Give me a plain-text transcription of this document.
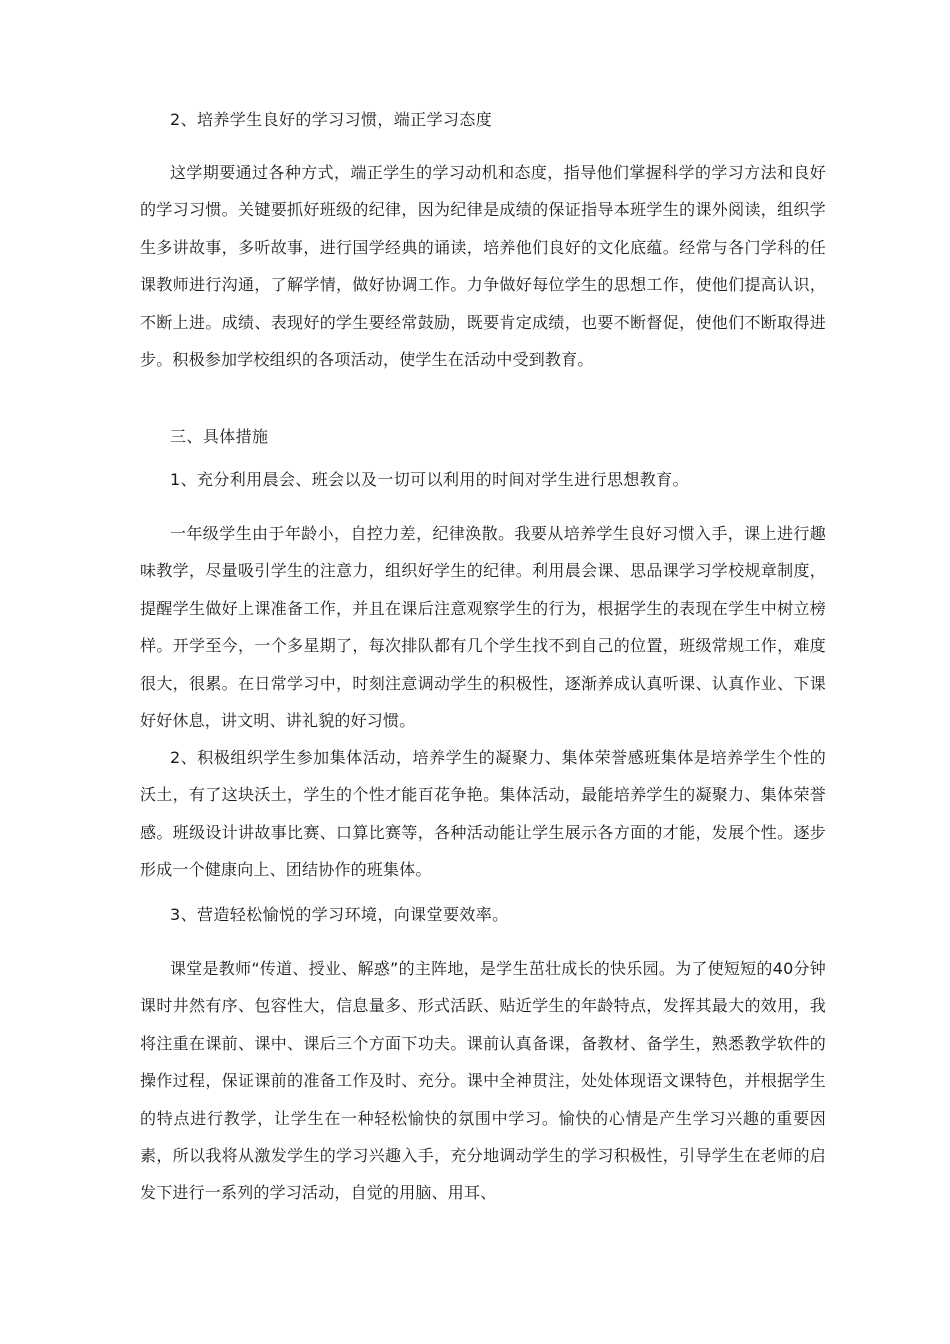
2、培养学生良好的学习习惯，端正学习态度
这学期要通过各种方式，端正学生的学习动机和态度，指导他们掌握科学的学习方法和良好的学习习惯。关键要抓好班级的纪律，因为纪律是成绩的保证指导本班学生的课外阅读，组织学生多讲故事，多听故事，进行国学经典的诵读，培养他们良好的文化底蕴。经常与各门学科的任课教师进行沟通，了解学情，做好协调工作。力争做好每位学生的思想工作，使他们提高认识，不断上进。成绩、表现好的学生要经常鼓励，既要肯定成绩，也要不断督促，使他们不断取得进步。积极参加学校组织的各项活动，使学生在活动中受到教育。
三、具体措施
1、充分利用晨会、班会以及一切可以利用的时间对学生进行思想教育。
一年级学生由于年龄小，自控力差，纪律涣散。我要从培养学生良好习惯入手，课上进行趣味教学，尽量吸引学生的注意力，组织好学生的纪律。利用晨会课、思品课学习学校规章制度，提醒学生做好上课准备工作，并且在课后注意观察学生的行为，根据学生的表现在学生中树立榜样。开学至今，一个多星期了，每次排队都有几个学生找不到自己的位置，班级常规工作，难度很大，很累。在日常学习中，时刻注意调动学生的积极性，逐渐养成认真听课、认真作业、下课好好休息，讲文明、讲礼貌的好习惯。
2、积极组织学生参加集体活动，培养学生的凝聚力、集体荣誉感班集体是培养学生个性的沃土，有了这块沃土，学生的个性才能百花争艳。集体活动，最能培养学生的凝聚力、集体荣誉感。班级设计讲故事比赛、口算比赛等，各种活动能让学生展示各方面的才能，发展个性。逐步形成一个健康向上、团结协作的班集体。
3、营造轻松愉悦的学习环境，向课堂要效率。
课堂是教师“传道、授业、解惑”的主阵地，是学生茁壮成长的快乐园。为了使短短的40分钟课时井然有序、包容性大，信息量多、形式活跃、贴近学生的年龄特点，发挥其最大的效用，我将注重在课前、课中、课后三个方面下功夫。课前认真备课，备教材、备学生，熟悉教学软件的操作过程，保证课前的准备工作及时、充分。课中全神贯注，处处体现语文课特色，并根据学生的特点进行教学，让学生在一种轻松愉快的氛围中学习。愉快的心情是产生学习兴趣的重要因素，所以我将从激发学生的学习兴趣入手，充分地调动学生的学习积极性，引导学生在老师的启发下进行一系列的学习活动，自觉的用脑、用耳、
